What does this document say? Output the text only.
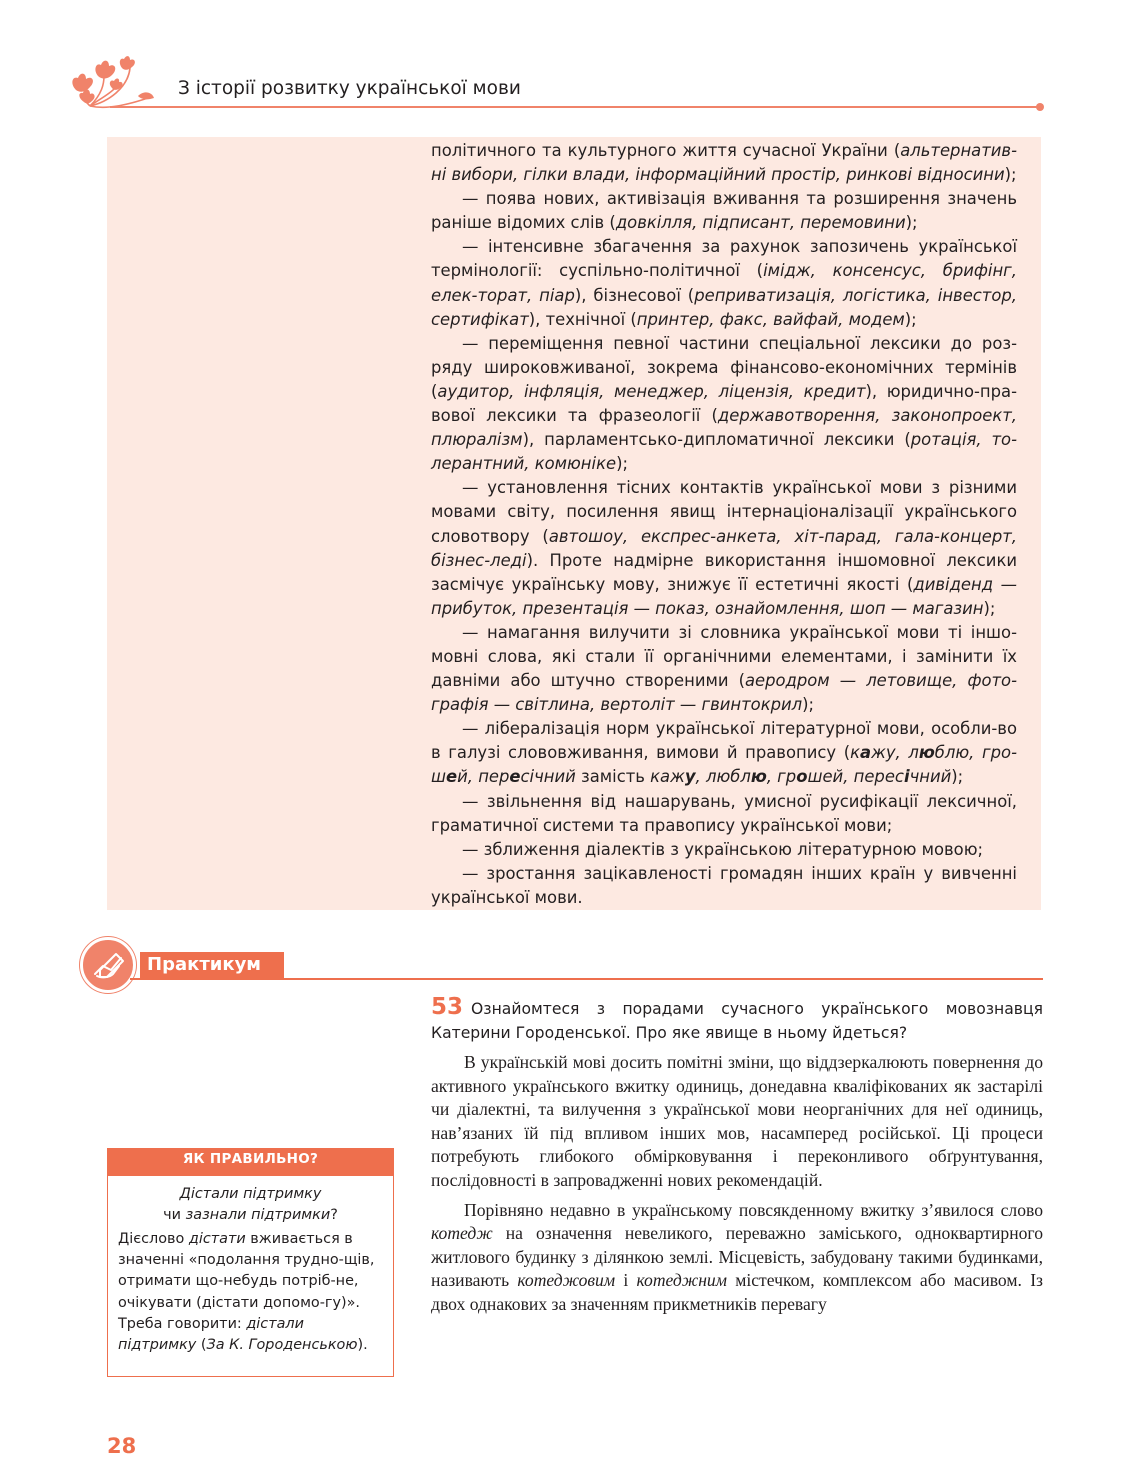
З історії розвитку української мови

політичного та культурного життя сучасної України (альтернатив-ні вибори, гілки влади, інформаційний простір, ринкові відносини);

— поява нових, активізація вживання та розширення значень раніше відомих слів (довкілля, підписант, перемовини);

— інтенсивне збагачення за рахунок запозичень української термінології: суспільно-політичної (імідж, консенсус, брифінг, елек-торат, піар), бізнесової (реприватизація, логістика, інвестор, сертифікат), технічної (принтер, факс, вайфай, модем);

— переміщення певної частини спеціальної лексики до роз-ряду широковживаної, зокрема фінансово-економічних термінів (аудитор, інфляція, менеджер, ліцензія, кредит), юридично-пра-вової лексики та фразеології (державотворення, законопроект, плюралізм), парламентсько-дипломатичної лексики (ротація, то-лерантний, комюніке);

— установлення тісних контактів української мови з різними мовами світу, посилення явищ інтернаціоналізації українського словотвору (автошоу, експрес-анкета, хіт-парад, гала-концерт, бізнес-леді). Проте надмірне використання іншомовної лексики засмічує українську мову, знижує її естетичні якості (дивіденд — прибуток, презентація — показ, ознайомлення, шоп — магазин);

— намагання вилучити зі словника української мови ті іншо-мовні слова, які стали її органічними елементами, і замінити їх давніми або штучно створеними (аеродром — летовище, фото-графія — світлина, вертоліт — гвинтокрил);

— лібералізація норм української літературної мови, особли-во в галузі слововживання, вимови й правопису (кажу, люблю, гро-шей, пересічний замість кажу, люблю, грошей, пересічний);

— звільнення від нашарувань, умисної русифікації лексичної, граматичної системи та правопису української мови;

— зближення діалектів з українською літературною мовою;

— зростання зацікавленості громадян інших країн у вивченні української мови.

Практикум

53 Ознайомтеся з порадами сучасного українського мовознавця Катерини Городенської. Про яке явище в ньому йдеться?

В українській мові досить помітні зміни, що віддзеркалюють повернення до активного українського вжитку одиниць, донедавна кваліфікованих як застарілі чи діалектні, та вилучення з української мови неорганічних для неї одиниць, нав’язаних їй під впливом інших мов, насамперед російської. Ці процеси потребують глибокого обмірковування і переконливого обґрунтування, послідовності в запровадженні нових рекомендацій.

Порівняно недавно в українському повсякденному вжитку з’явилося слово котедж на означення невеликого, переважно заміського, одноквартирного житлового будинку з ділянкою землі. Місцевість, забудовану такими будинками, називають котеджовим і котеджним містечком, комплексом або масивом. Із двох однакових за значенням прикметників перевагу

ЯК ПРАВИЛЬНО?
Дістали підтримку
чи зазнали підтримки?
Дієслово дістати вживається в значенні «подолання трудно-щів, отримати що-небудь потріб-не, очікувати (дістати допомо-гу)». Треба говорити: дістали підтримку (За К. Городенською).
28
